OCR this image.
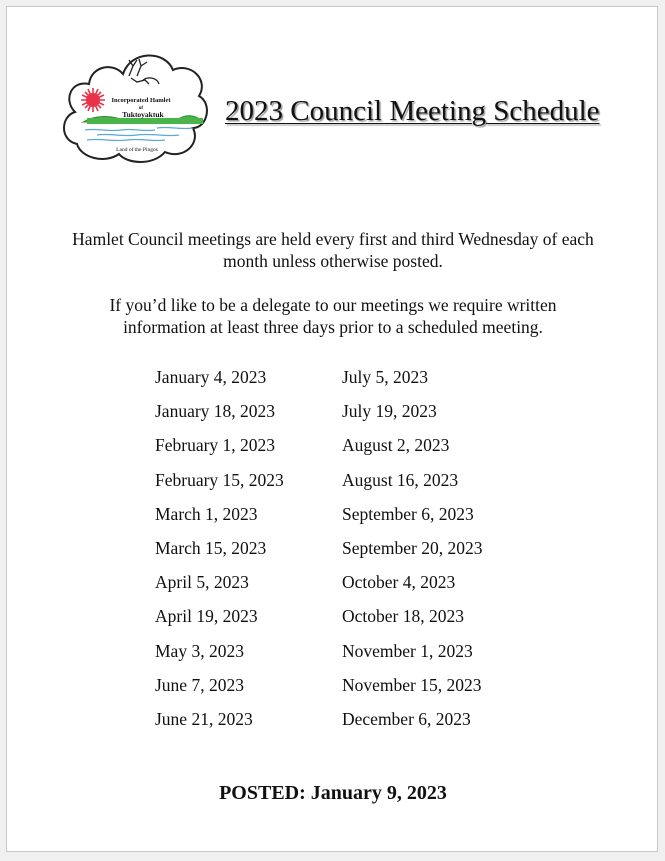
Incorporated Hamlet
of
Tuktoyaktuk
Land of the Pingos
2023 Council Meeting Schedule

Hamlet Council meetings are held every first and third Wednesday of each

month unless otherwise posted.

If you’d like to be a delegate to our meetings we require written

information at least three days prior to a scheduled meeting.

January 4, 2023	July 5, 2023
January 18, 2023	July 19, 2023
February 1, 2023	August 2, 2023
February 15, 2023	August 16, 2023
March 1, 2023	September 6, 2023
March 15, 2023	September 20, 2023
April 5, 2023	October 4, 2023
April 19, 2023	October 18, 2023
May 3, 2023	November 1, 2023
June 7, 2023	November 15, 2023
June 21, 2023	December 6, 2023
POSTED: January 9, 2023
